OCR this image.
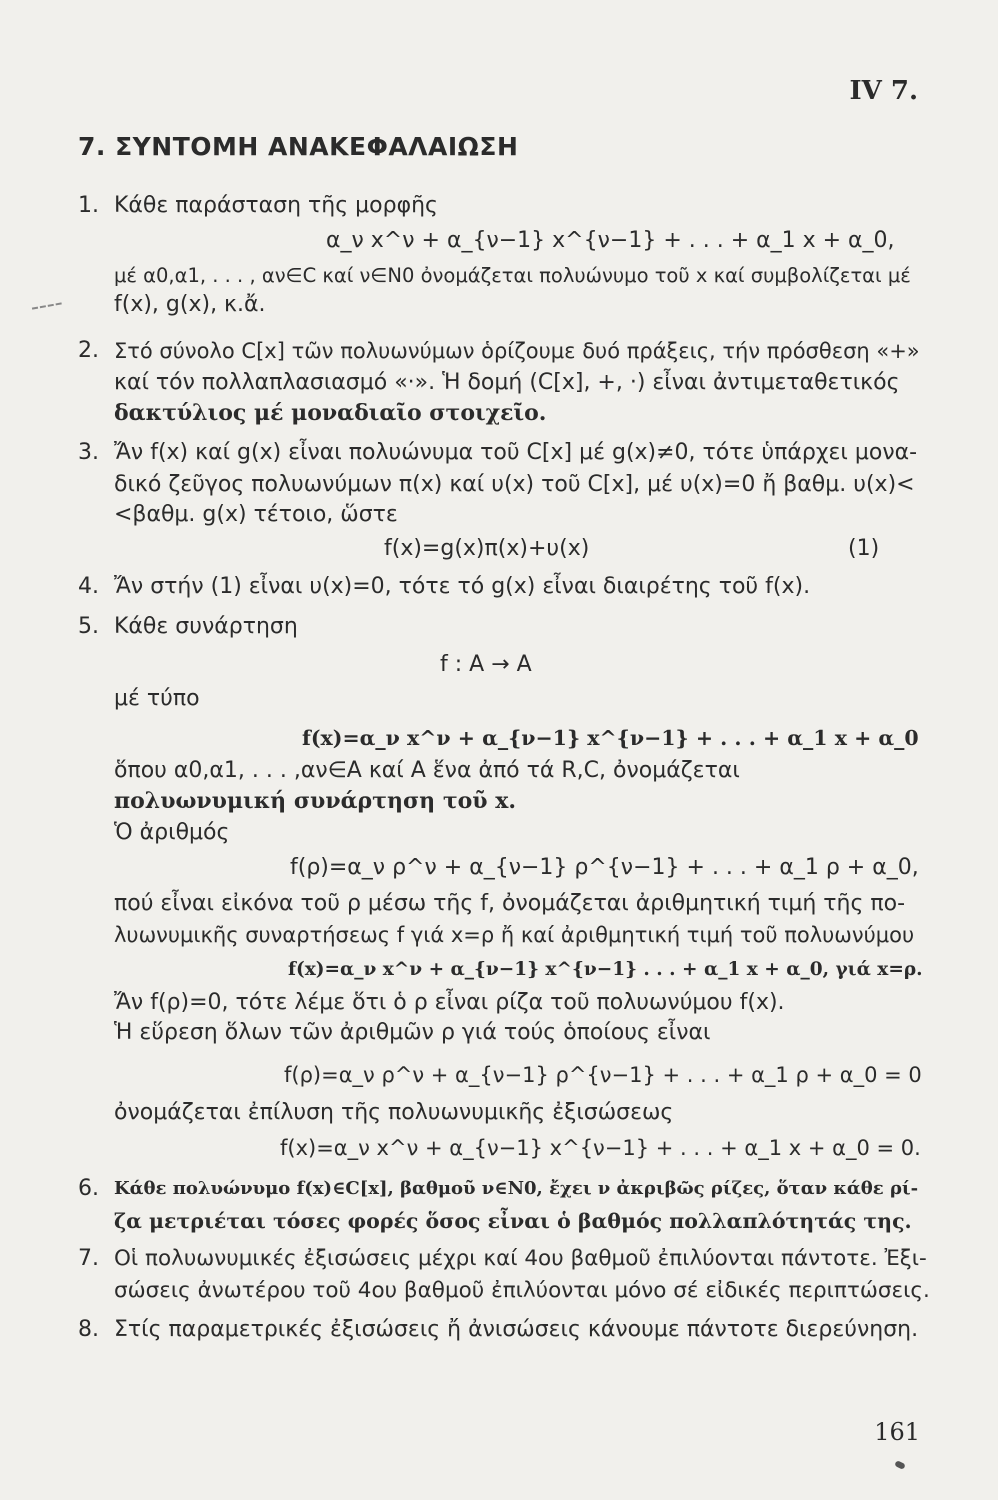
IV 7.
7. ΣΥΝΤΟΜΗ ΑΝΑΚΕΦΑΛΑΙΩΣΗ
1. Κάθε παράσταση τῆς μορφῆς
α_ν x^ν + α_{ν−1} x^{ν−1} + . . . + α_1 x + α_0,
μέ α0,α1, . . . , αν∈C καί ν∈N0 ὀνομάζεται πολυώνυμο τοῦ x καί συμβολίζεται μέ
f(x), g(x), κ.ἄ.
2. Στό σύνολο C[x] τῶν πολυωνύμων ὁρίζουμε δυό πράξεις, τήν πρόσθεση «+»
καί τόν πολλαπλασιασμό «·». Ἡ δομή (C[x], +, ·) εἶναι ἀντιμεταθετικός
δακτύλιος μέ μοναδιαῖο στοιχεῖο.
3. Ἄν f(x) καί g(x) εἶναι πολυώνυμα τοῦ C[x] μέ g(x)≠0, τότε ὑπάρχει μονα-
δικό ζεῦγος πολυωνύμων π(x) καί υ(x) τοῦ C[x], μέ υ(x)=0 ἤ βαθμ. υ(x)<
<βαθμ. g(x) τέτοιο, ὥστε
f(x)=g(x)π(x)+υ(x)	(1)
4. Ἄν στήν (1) εἶναι υ(x)=0, τότε τό g(x) εἶναι διαιρέτης τοῦ f(x).
5. Κάθε συνάρτηση
f : A → A
μέ τύπο
f(x)=α_ν x^ν + α_{ν−1} x^{ν−1} + . . . + α_1 x + α_0
ὅπου α0,α1, . . . ,αν∈A καί A ἕνα ἀπό τά R,C, ὀνομάζεται
πολυωνυμική συνάρτηση τοῦ x.
Ὁ ἀριθμός
f(ρ)=α_ν ρ^ν + α_{ν−1} ρ^{ν−1} + . . . + α_1 ρ + α_0,
πού εἶναι εἰκόνα τοῦ ρ μέσω τῆς f, ὀνομάζεται ἀριθμητική τιμή τῆς πο-
λυωνυμικῆς συναρτήσεως f γιά x=ρ ἤ καί ἀριθμητική τιμή τοῦ πολυωνύμου
f(x)=α_ν x^ν + α_{ν−1} x^{ν−1} . . . + α_1 x + α_0, γιά x=ρ.
Ἄν f(ρ)=0, τότε λέμε ὅτι ὁ ρ εἶναι ρίζα τοῦ πολυωνύμου f(x).
Ἡ εὕρεση ὅλων τῶν ἀριθμῶν ρ γιά τούς ὁποίους εἶναι
f(ρ)=α_ν ρ^ν + α_{ν−1} ρ^{ν−1} + . . . + α_1 ρ + α_0 = 0
ὀνομάζεται ἐπίλυση τῆς πολυωνυμικῆς ἐξισώσεως
f(x)=α_ν x^ν + α_{ν−1} x^{ν−1} + . . . + α_1 x + α_0 = 0.
6. Κάθε πολυώνυμο f(x)∈C[x], βαθμοῦ ν∈N0, ἔχει ν ἀκριβῶς ρίζες, ὅταν κάθε ρί-
ζα μετριέται τόσες φορές ὅσος εἶναι ὁ βαθμός πολλαπλότητάς της.
7. Οἱ πολυωνυμικές ἐξισώσεις μέχρι καί 4ου βαθμοῦ ἐπιλύονται πάντοτε. Ἐξι-
σώσεις ἀνωτέρου τοῦ 4ου βαθμοῦ ἐπιλύονται μόνο σέ εἰδικές περιπτώσεις.
8. Στίς παραμετρικές ἐξισώσεις ἤ ἀνισώσεις κάνουμε πάντοτε διερεύνηση.
161
